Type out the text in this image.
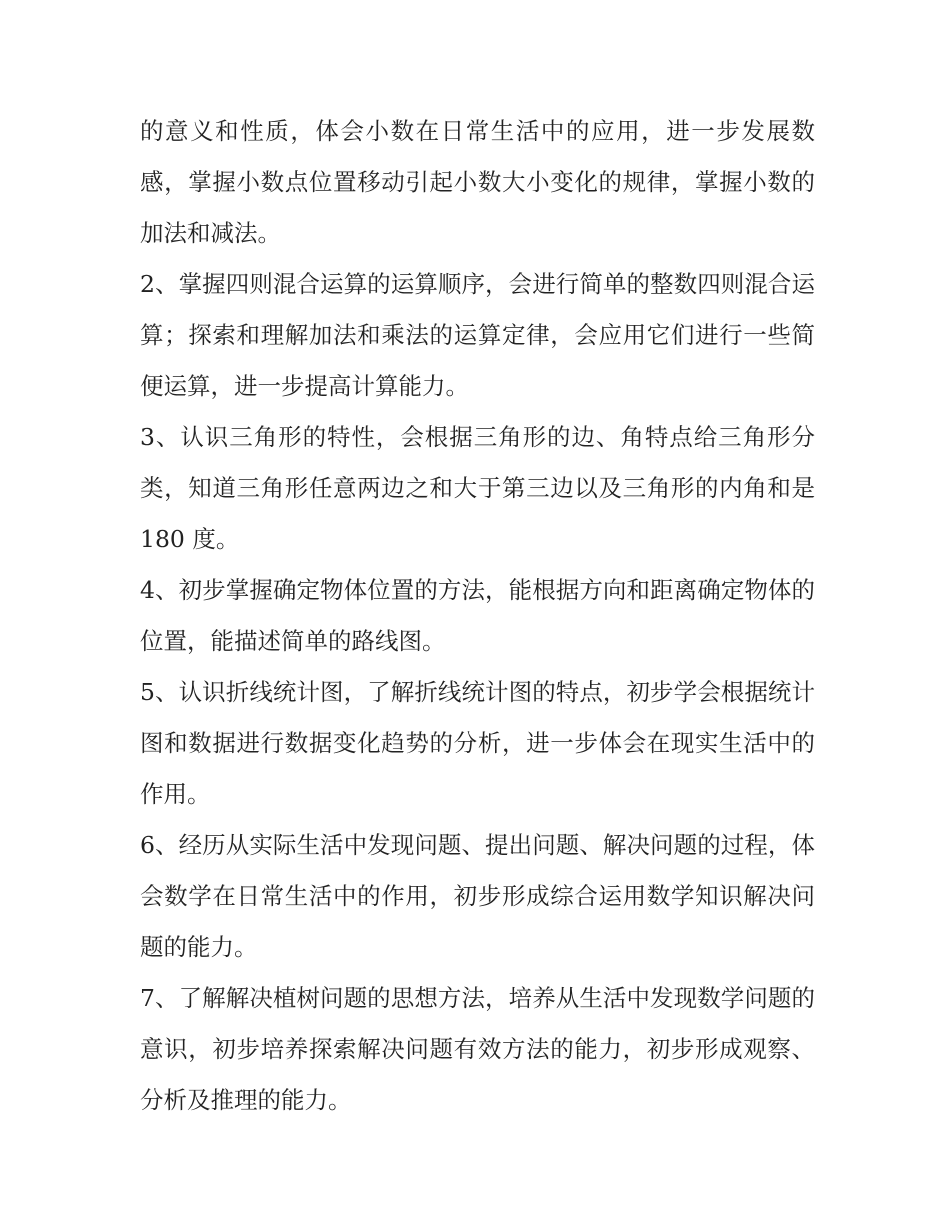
的意义和性质，体会小数在日常生活中的应用，进一步发展数感，掌握小数点位置移动引起小数大小变化的规律，掌握小数的加法和减法。

2、掌握四则混合运算的运算顺序，会进行简单的整数四则混合运算；探索和理解加法和乘法的运算定律，会应用它们进行一些简便运算，进一步提高计算能力。

3、认识三角形的特性，会根据三角形的边、角特点给三角形分类，知道三角形任意两边之和大于第三边以及三角形的内角和是 180 度。

4、初步掌握确定物体位置的方法，能根据方向和距离确定物体的位置，能描述简单的路线图。

5、认识折线统计图，了解折线统计图的特点，初步学会根据统计图和数据进行数据变化趋势的分析，进一步体会在现实生活中的作用。

6、经历从实际生活中发现问题、提出问题、解决问题的过程，体会数学在日常生活中的作用，初步形成综合运用数学知识解决问题的能力。

7、了解解决植树问题的思想方法，培养从生活中发现数学问题的意识，初步培养探索解决问题有效方法的能力，初步形成观察、分析及推理的能力。
